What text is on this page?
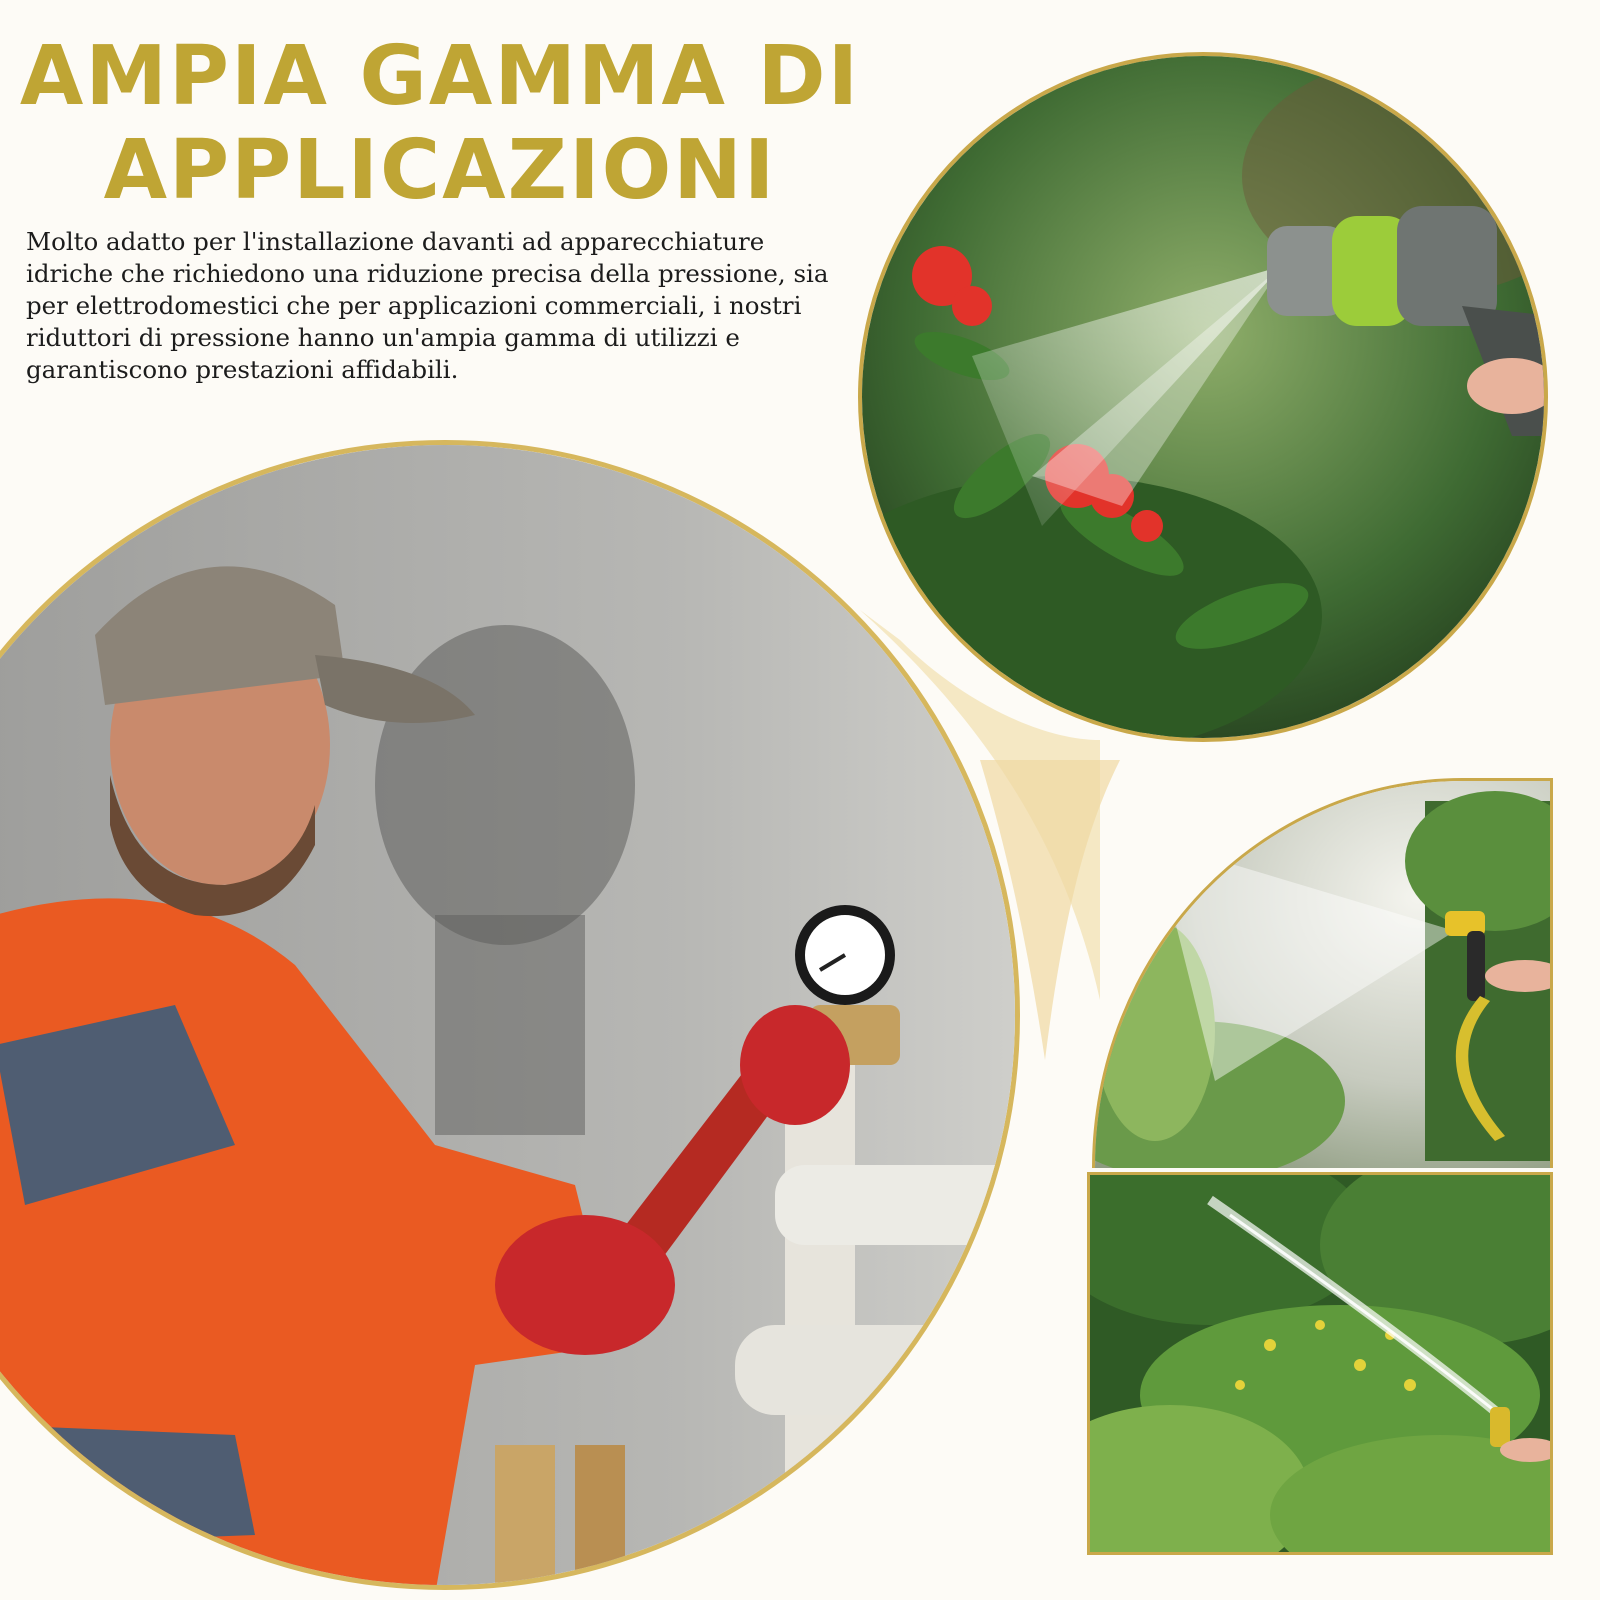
AMPIA GAMMA DI
APPLICAZIONI
Molto adatto per l'installazione davanti ad apparecchiature idriche che richiedono una riduzione precisa della pressione, sia per elettrodomestici che per applicazioni commerciali, i nostri riduttori di pressione hanno un'ampia gamma di utilizzi e garantiscono prestazioni affidabili.
